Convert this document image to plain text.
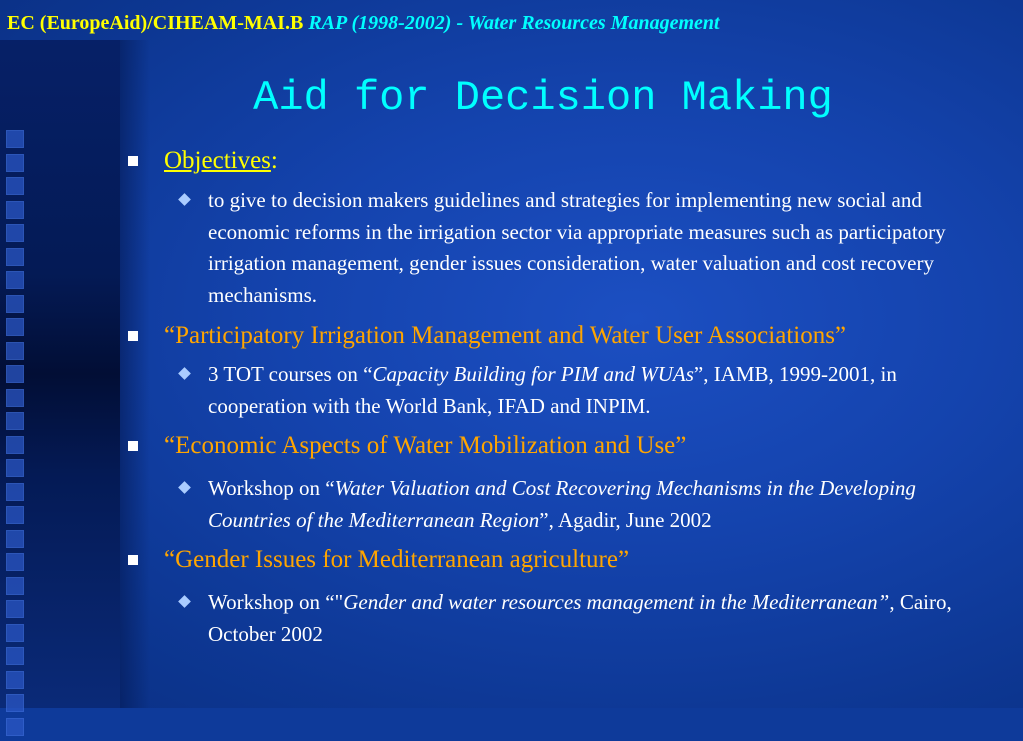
EC (EuropeAid)/CIHEAM-MAI.B RAP (1998-2002) - Water Resources Management
Aid for Decision Making
Objectives:
to give to decision makers guidelines and strategies for implementing new social and economic reforms in the irrigation sector via appropriate measures such as participatory irrigation management, gender issues consideration, water valuation and cost recovery mechanisms.
“Participatory Irrigation Management and Water User Associations”
3 TOT courses on “Capacity Building for PIM and WUAs”, IAMB, 1999-2001, in cooperation with the World Bank, IFAD and INPIM.
“Economic Aspects of Water Mobilization and Use”
Workshop on “Water Valuation and Cost Recovering Mechanisms in the Developing Countries of the Mediterranean Region”, Agadir, June 2002
“Gender Issues for Mediterranean agriculture”
Workshop on “"Gender and water resources management in the Mediterranean”, Cairo, October 2002
